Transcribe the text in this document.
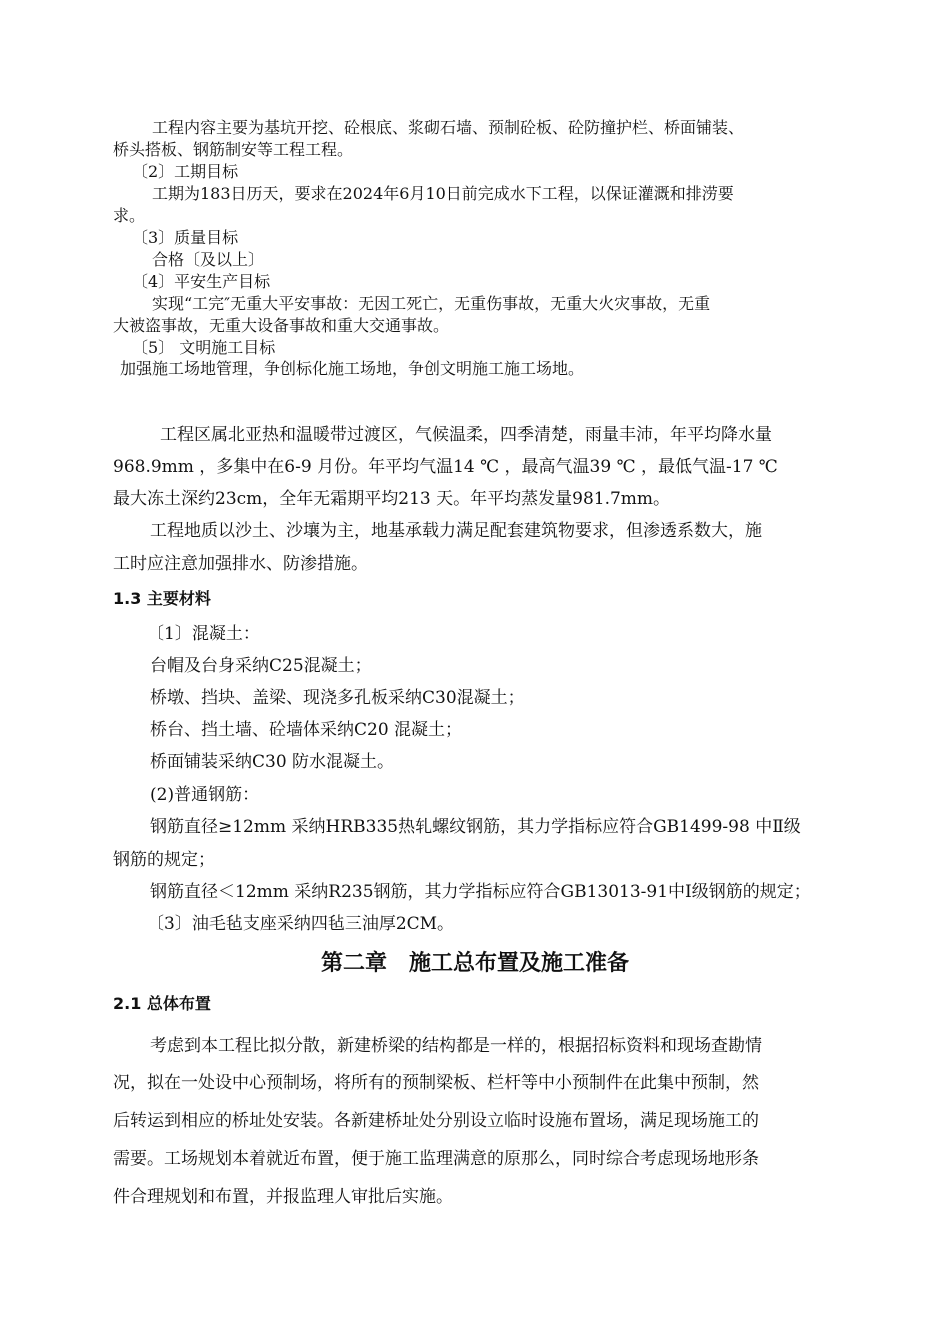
工程内容主要为基坑开挖、砼根底、浆砌石墙、预制砼板、砼防撞护栏、桥面铺装、
桥头搭板、钢筋制安等工程工程。
〔2〕工期目标
工期为183日历天，要求在2024年6月10日前完成水下工程，以保证灌溉和排涝要
求。
〔3〕质量目标
合格〔及以上〕
〔4〕平安生产目标
实现“工完″无重大平安事故：无因工死亡，无重伤事故，无重大火灾事故，无重
大被盗事故，无重大设备事故和重大交通事故。
〔5〕 文明施工目标
加强施工场地管理，争创标化施工场地，争创文明施工施工场地。
工程区属北亚热和温暖带过渡区，气候温柔，四季清楚，雨量丰沛，年平均降水量
968.9mm ，多集中在6-9 月份。年平均气温14 ℃ ，最高气温39 ℃ ，最低气温-17 ℃
最大冻土深约23cm，全年无霜期平均213 天。年平均蒸发量981.7mm。
工程地质以沙土、沙壤为主，地基承载力满足配套建筑物要求，但渗透系数大，施
工时应注意加强排水、防渗措施。
1.3 主要材料
〔1〕混凝土：
台帽及台身采纳C25混凝土；
桥墩、挡块、盖梁、现浇多孔板采纳C30混凝土；
桥台、挡土墙、砼墙体采纳C20 混凝土；
桥面铺装采纳C30 防水混凝土。
(2)普通钢筋：
钢筋直径≥12mm 采纳HRB335热轧螺纹钢筋，其力学指标应符合GB1499-98 中Ⅱ级
钢筋的规定；
钢筋直径＜12mm 采纳R235钢筋，其力学指标应符合GB13013-91中Ⅰ级钢筋的规定；
〔3〕油毛毡支座采纳四毡三油厚2CM。
第二章　施工总布置及施工准备
2.1 总体布置
考虑到本工程比拟分散，新建桥梁的结构都是一样的，根据招标资料和现场查勘情
况，拟在一处设中心预制场，将所有的预制梁板、栏杆等中小预制件在此集中预制，然
后转运到相应的桥址处安装。各新建桥址处分别设立临时设施布置场，满足现场施工的
需要。工场规划本着就近布置，便于施工监理满意的原那么，同时综合考虑现场地形条
件合理规划和布置，并报监理人审批后实施。
